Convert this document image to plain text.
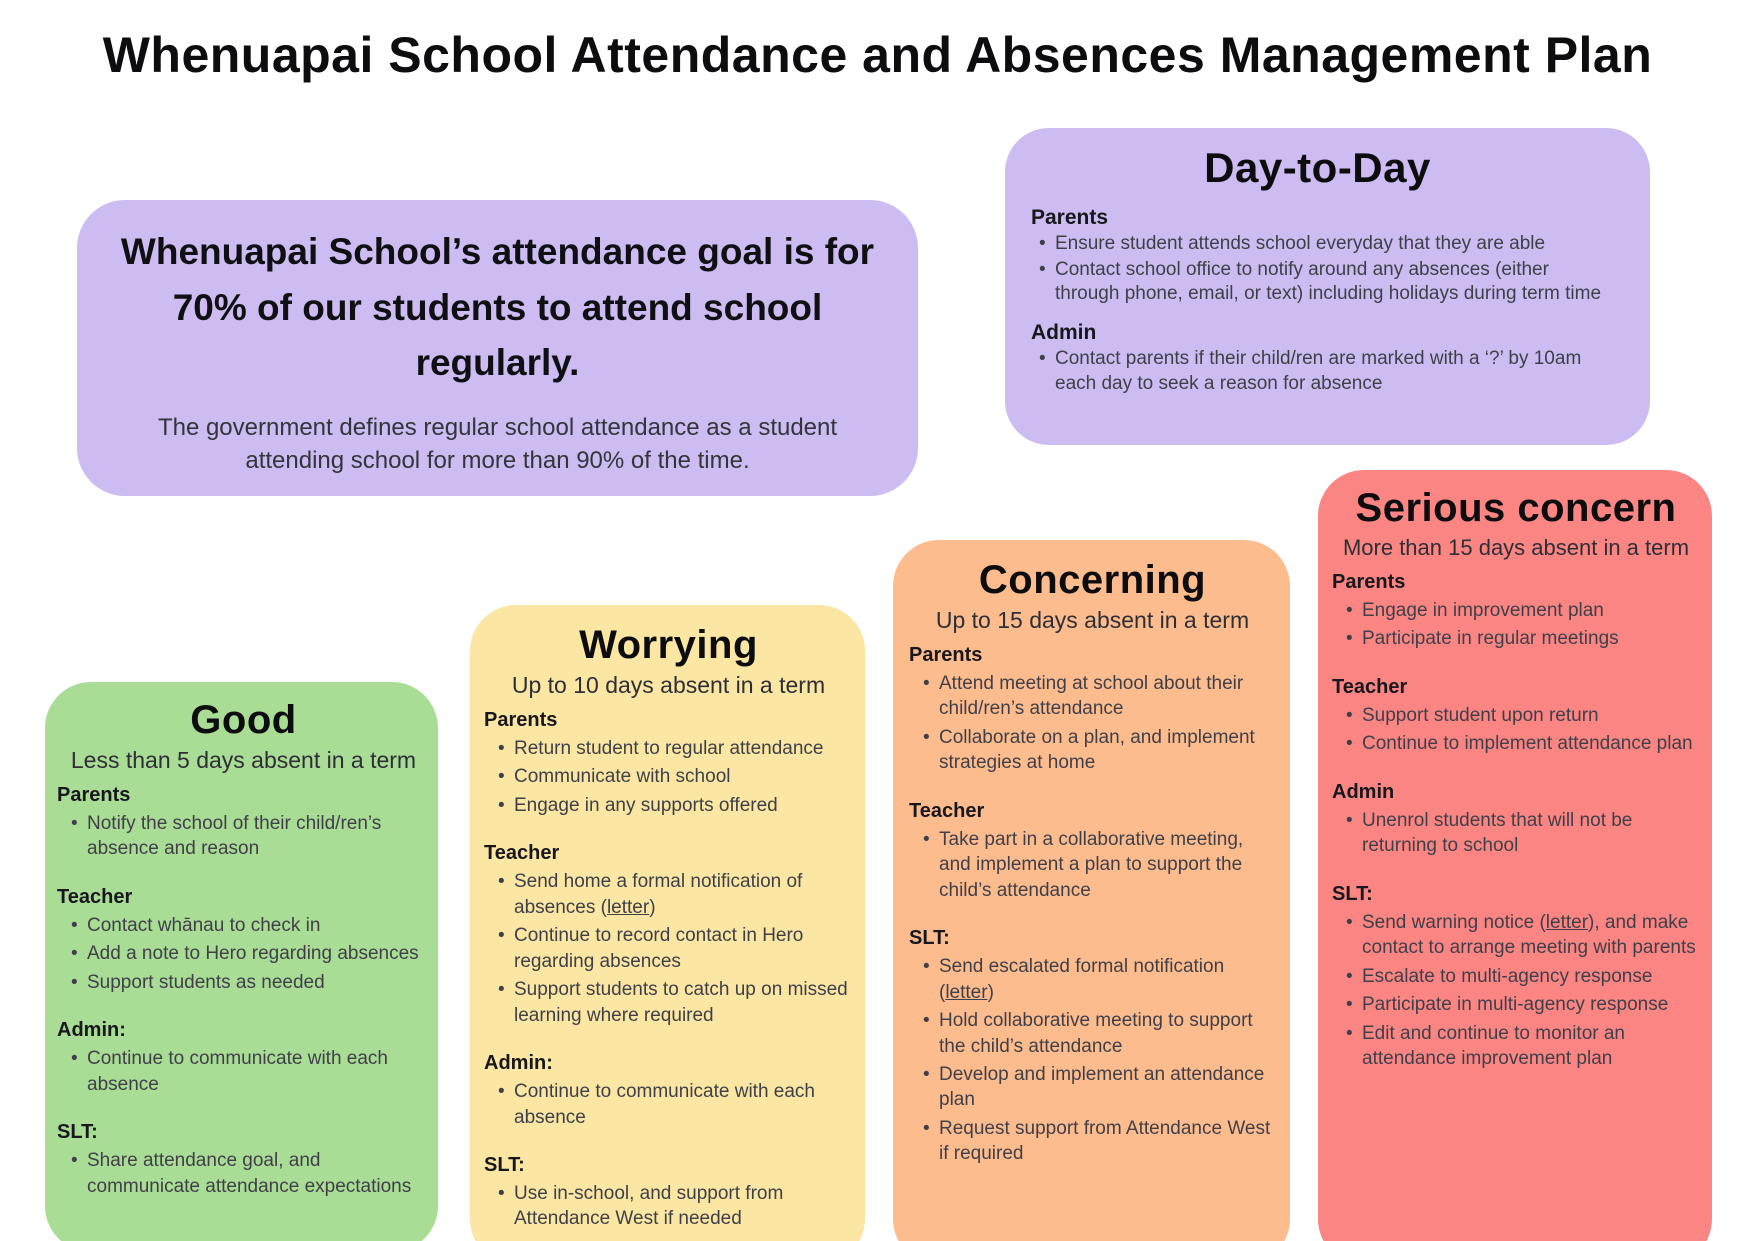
Whenuapai School Attendance and Absences Management Plan

Whenuapai School’s attendance goal is for 70% of our students to attend school regularly.

The government defines regular school attendance as a student attending school for more than 90% of the time.

Day-to-Day
Parents
• Ensure student attends school everyday that they are able
• Contact school office to notify around any absences (either through phone, email, or text) including holidays during term time
Admin
• Contact parents if their child/ren are marked with a ‘?’ by 10am each day to seek a reason for absence
Good

Less than 5 days absent in a term

Parents
• Notify the school of their child/ren’s absence and reason
Teacher
• Contact whānau to check in
• Add a note to Hero regarding absences
• Support students as needed
Admin:
• Continue to communicate with each absence
SLT:
• Share attendance goal, and communicate attendance expectations
Worrying

Up to 10 days absent in a term

Parents
• Return student to regular attendance
• Communicate with school
• Engage in any supports offered
Teacher
• Send home a formal notification of absences (letter)
• Continue to record contact in Hero regarding absences
• Support students to catch up on missed learning where required
Admin:
• Continue to communicate with each absence
SLT:
• Use in-school, and support from Attendance West if needed
Concerning

Up to 15 days absent in a term

Parents
• Attend meeting at school about their child/ren’s attendance
• Collaborate on a plan, and implement strategies at home
Teacher
• Take part in a collaborative meeting, and implement a plan to support the child’s attendance
SLT:
• Send escalated formal notification (letter)
• Hold collaborative meeting to support the child’s attendance
• Develop and implement an attendance plan
• Request support from Attendance West if required
Serious concern

More than 15 days absent in a term

Parents
• Engage in improvement plan
• Participate in regular meetings
Teacher
• Support student upon return
• Continue to implement attendance plan
Admin
• Unenrol students that will not be returning to school
SLT:
• Send warning notice (letter), and make contact to arrange meeting with parents
• Escalate to multi-agency response
• Participate in multi-agency response
• Edit and continue to monitor an attendance improvement plan
